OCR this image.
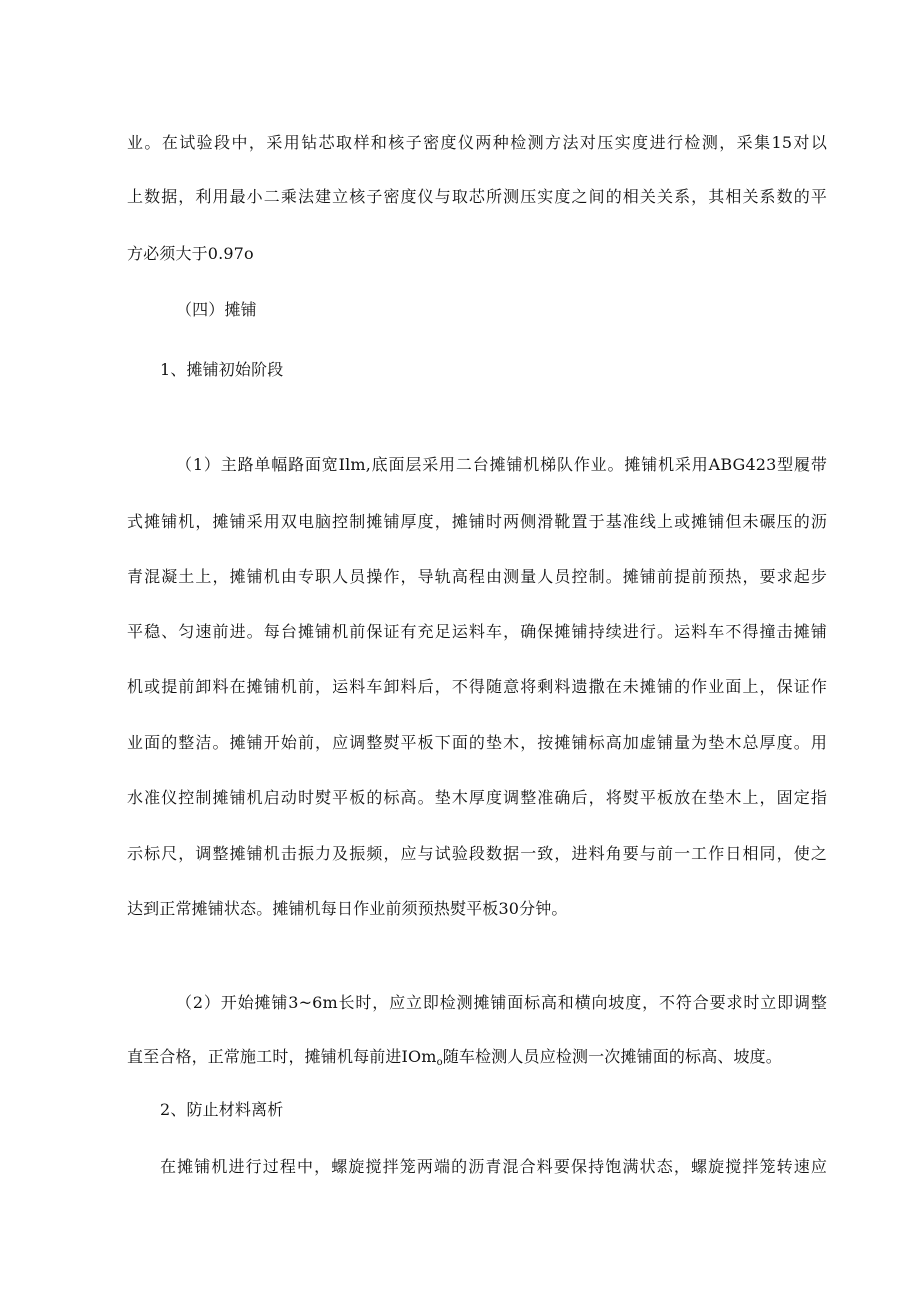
业。在试验段中，采用钻芯取样和核子密度仪两种检测方法对压实度进行检测，采集15对以
上数据，利用最小二乘法建立核子密度仪与取芯所测压实度之间的相关关系，其相关系数的平
方必须大于0.97o
（四）摊铺
1、摊铺初始阶段
（1）主路单幅路面宽Ilm,底面层采用二台摊铺机梯队作业。摊铺机采用ABG423型履带
式摊铺机，摊铺采用双电脑控制摊铺厚度，摊铺时两侧滑靴置于基准线上或摊铺但未碾压的沥
青混凝土上，摊铺机由专职人员操作，导轨高程由测量人员控制。摊铺前提前预热，要求起步
平稳、匀速前进。每台摊铺机前保证有充足运料车，确保摊铺持续进行。运料车不得撞击摊铺
机或提前卸料在摊铺机前，运料车卸料后，不得随意将剩料遗撒在未摊铺的作业面上，保证作
业面的整洁。摊铺开始前，应调整熨平板下面的垫木，按摊铺标高加虚铺量为垫木总厚度。用
水准仪控制摊铺机启动时熨平板的标高。垫木厚度调整准确后，将熨平板放在垫木上，固定指
示标尺，调整摊铺机击振力及振频，应与试验段数据一致，进料角要与前一工作日相同，使之
达到正常摊铺状态。摊铺机每日作业前须预热熨平板30分钟。
（2）开始摊铺3~6m长时，应立即检测摊铺面标高和横向坡度，不符合要求时立即调整
直至合格，正常施工时，摊铺机每前进IOm$_o$随车检测人员应检测一次摊铺面的标高、坡度。
2、防止材料离析
在摊铺机进行过程中，螺旋搅拌笼两端的沥青混合料要保持饱满状态，螺旋搅拌笼转速应
